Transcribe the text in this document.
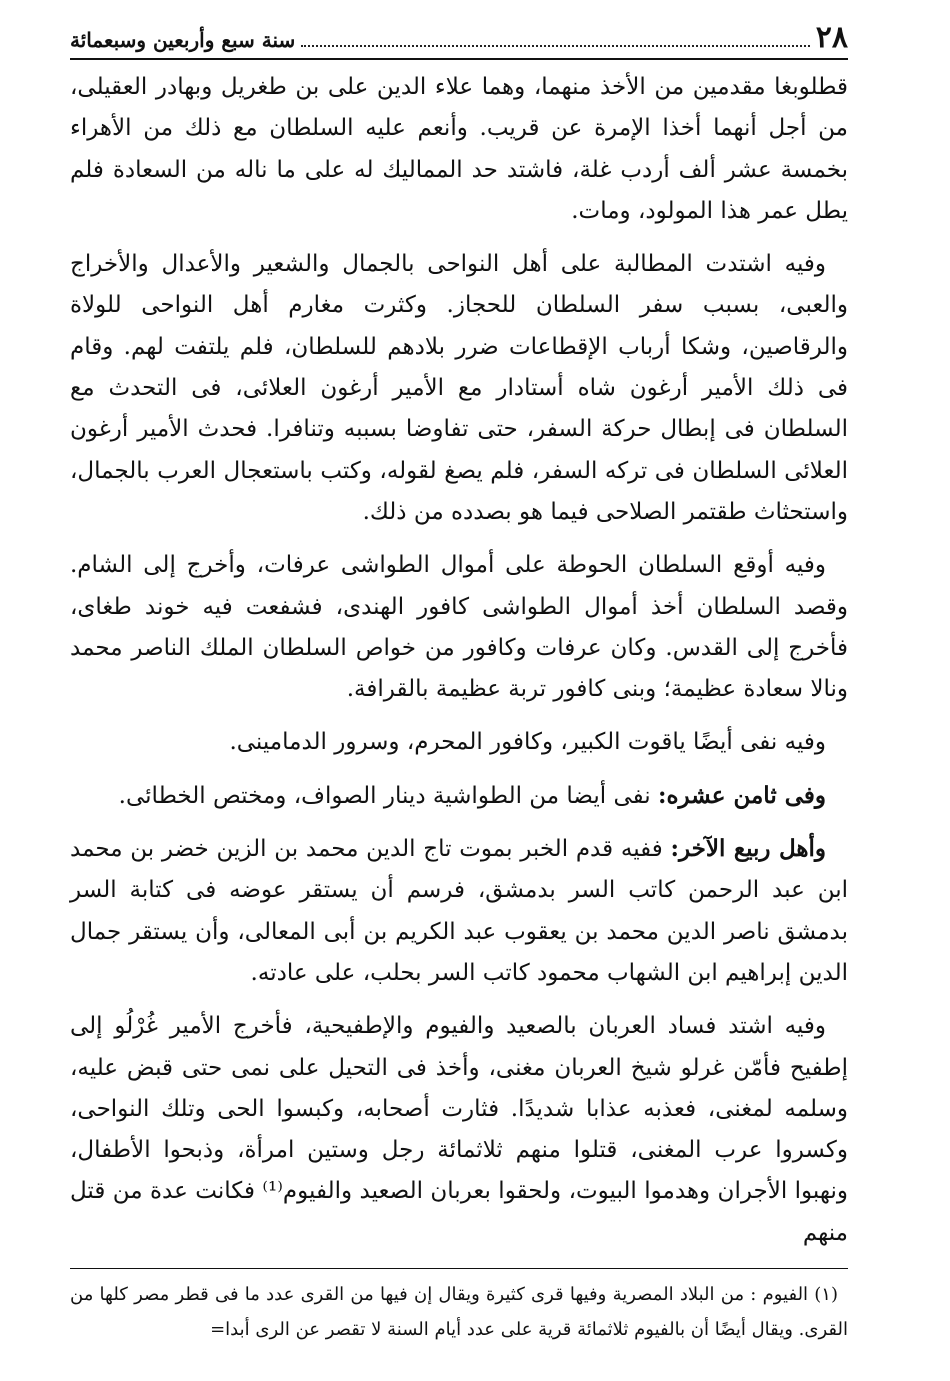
٢٨
سنة سبع وأربعين وسبعمائة

قطلوبغا مقدمين من الأخذ منهما، وهما علاء الدين على بن طغريل وبهادر العقيلى، من أجل أنهما أخذا الإمرة عن قريب. وأنعم عليه السلطان مع ذلك من الأهراء بخمسة عشر ألف أردب غلة، فاشتد حد المماليك له على ما ناله من السعادة فلم يطل عمر هذا المولود، ومات.

وفيه اشتدت المطالبة على أهل النواحى بالجمال والشعير والأعدال والأخراج والعبى، بسبب سفر السلطان للحجاز. وكثرت مغارم أهل النواحى للولاة والرقاصين، وشكا أرباب الإقطاعات ضرر بلادهم للسلطان، فلم يلتفت لهم. وقام فى ذلك الأمير أرغون شاه أستادار مع الأمير أرغون العلائى، فى التحدث مع السلطان فى إبطال حركة السفر، حتى تفاوضا بسببه وتنافرا. فحدث الأمير أرغون العلائى السلطان فى تركه السفر، فلم يصغ لقوله، وكتب باستعجال العرب بالجمال، واستحثاث طقتمر الصلاحى فيما هو بصدده من ذلك.

وفيه أوقع السلطان الحوطة على أموال الطواشى عرفات، وأخرج إلى الشام. وقصد السلطان أخذ أموال الطواشى كافور الهندى، فشفعت فيه خوند طغاى، فأخرج إلى القدس. وكان عرفات وكافور من خواص السلطان الملك الناصر محمد ونالا سعادة عظيمة؛ وبنى كافور تربة عظيمة بالقرافة.

وفيه نفى أيضًا ياقوت الكبير، وكافور المحرم، وسرور الدمامينى.

وفى ثامن عشره: نفى أيضا من الطواشية دينار الصواف، ومختص الخطائى.

وأهل ربيع الآخر: ففيه قدم الخبر بموت تاج الدين محمد بن الزين خضر بن محمد ابن عبد الرحمن كاتب السر بدمشق، فرسم أن يستقر عوضه فى كتابة السر بدمشق ناصر الدين محمد بن يعقوب عبد الكريم بن أبى المعالى، وأن يستقر جمال الدين إبراهيم ابن الشهاب محمود كاتب السر بحلب، على عادته.

وفيه اشتد فساد العربان بالصعيد والفيوم والإطفيحية، فأخرج الأمير غُرْلُو إلى إطفيح فأمّن غرلو شيخ العربان مغنى، وأخذ فى التحيل على نمى حتى قبض عليه، وسلمه لمغنى، فعذبه عذابا شديدًا. فثارت أصحابه، وكبسوا الحى وتلك النواحى، وكسروا عرب المغنى، قتلوا منهم ثلاثمائة رجل وستين امرأة، وذبحوا الأطفال، ونهبوا الأجران وهدموا البيوت، ولحقوا بعربان الصعيد والفيوم⁽¹⁾ فكانت عدة من قتل منهم

(١) الفيوم : من البلاد المصرية وفيها قرى كثيرة ويقال إن فيها من القرى عدد ما فى قطر مصر كلها من القرى. ويقال أيضًا أن بالفيوم ثلاثمائة قرية على عدد أيام السنة لا تقصر عن الرى أبدا=
